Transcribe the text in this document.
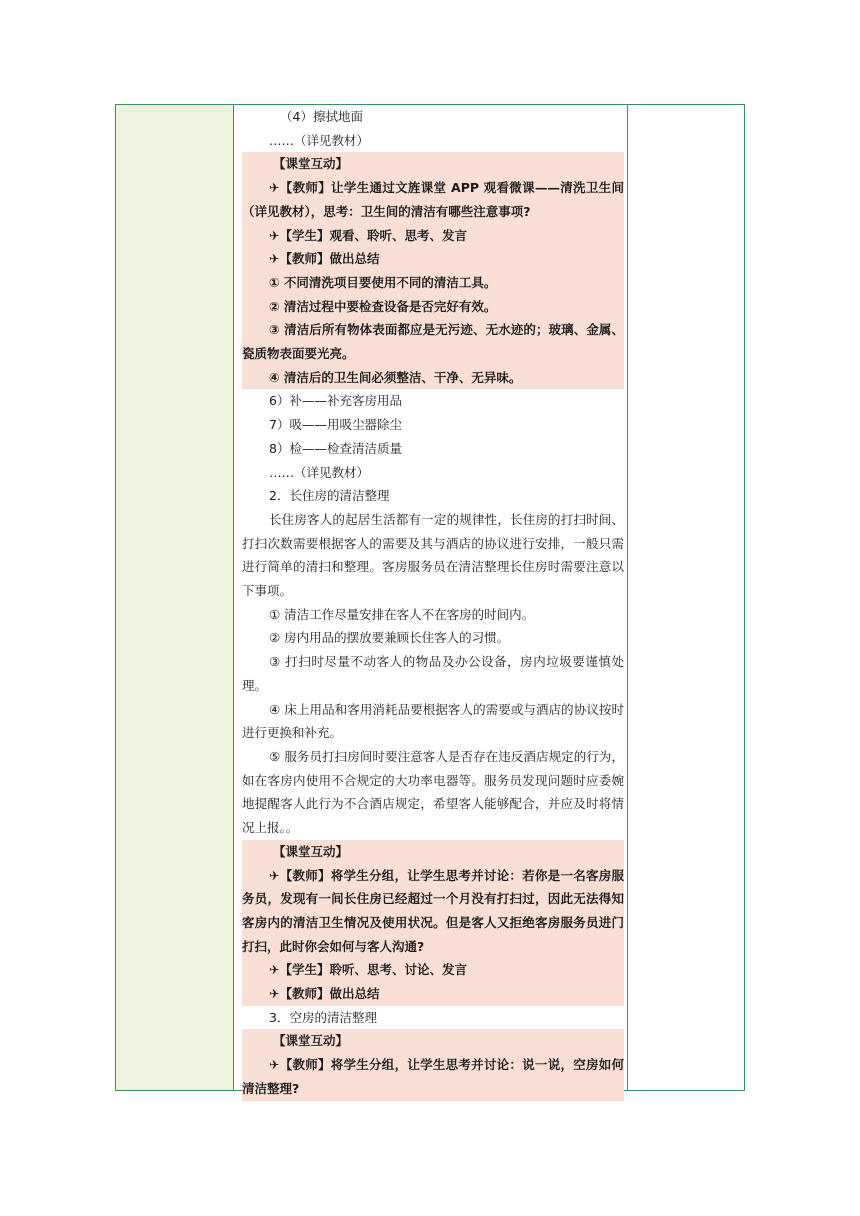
（4）擦拭地面
……（详见教材）
【课堂互动】

✈【教师】让学生通过文旌课堂 APP 观看微课——清洗卫生间（详见教材），思考：卫生间的清洁有哪些注意事项?

✈【学生】观看、聆听、思考、发言
✈【教师】做出总结
① 不同清洗项目要使用不同的清洁工具。
② 清洁过程中要检查设备是否完好有效。

③ 清洁后所有物体表面都应是无污迹、无水迹的；玻璃、金属、瓷质物表面要光亮。

④ 清洁后的卫生间必须整洁、干净、无异味。
6）补——补充客房用品
7）吸——用吸尘器除尘
8）检——检查清洁质量
……（详见教材）
2．长住房的清洁整理

长住房客人的起居生活都有一定的规律性，长住房的打扫时间、打扫次数需要根据客人的需要及其与酒店的协议进行安排，一般只需进行简单的清扫和整理。客房服务员在清洁整理长住房时需要注意以下事项。

① 清洁工作尽量安排在客人不在客房的时间内。
② 房内用品的摆放要兼顾长住客人的习惯。

③ 打扫时尽量不动客人的物品及办公设备，房内垃圾要谨慎处理。

④ 床上用品和客用消耗品要根据客人的需要或与酒店的协议按时进行更换和补充。

⑤ 服务员打扫房间时要注意客人是否存在违反酒店规定的行为，如在客房内使用不合规定的大功率电器等。服务员发现问题时应委婉地提醒客人此行为不合酒店规定，希望客人能够配合，并应及时将情况上报。。

【课堂互动】

✈【教师】将学生分组，让学生思考并讨论：若你是一名客房服务员，发现有一间长住房已经超过一个月没有打扫过，因此无法得知客房内的清洁卫生情况及使用状况。但是客人又拒绝客房服务员进门打扫，此时你会如何与客人沟通?

✈【学生】聆听、思考、讨论、发言
✈【教师】做出总结
3．空房的清洁整理
【课堂互动】

✈【教师】将学生分组，让学生思考并讨论：说一说，空房如何清洁整理?
